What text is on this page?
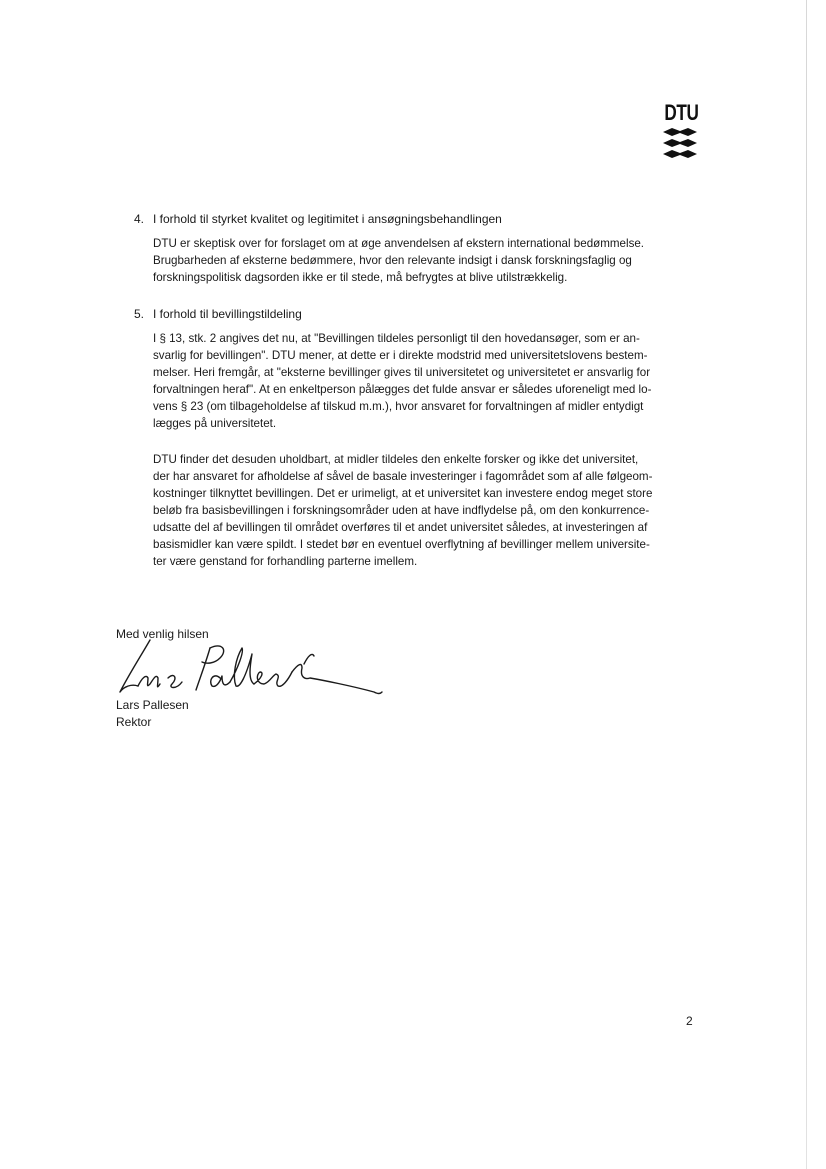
DTU
4. I forhold til styrket kvalitet og legitimitet i ansøgningsbehandlingen
DTU er skeptisk over for forslaget om at øge anvendelsen af ekstern international bedømmelse.
Brugbarheden af eksterne bedømmere, hvor den relevante indsigt i dansk forskningsfaglig og
forskningspolitisk dagsorden ikke er til stede, må befrygtes at blive utilstrækkelig.
5. I forhold til bevillingstildeling
I § 13, stk. 2 angives det nu, at "Bevillingen tildeles personligt til den hovedansøger, som er an-
svarlig for bevillingen". DTU mener, at dette er i direkte modstrid med universitetslovens bestem-
melser. Heri fremgår, at "eksterne bevillinger gives til universitetet og universitetet er ansvarlig for
forvaltningen heraf". At en enkeltperson pålægges det fulde ansvar er således uforeneligt med lo-
vens § 23 (om tilbageholdelse af tilskud m.m.), hvor ansvaret for forvaltningen af midler entydigt
lægges på universitetet.
DTU finder det desuden uholdbart, at midler tildeles den enkelte forsker og ikke det universitet,
der har ansvaret for afholdelse af såvel de basale investeringer i fagområdet som af alle følgeom-
kostninger tilknyttet bevillingen. Det er urimeligt, at et universitet kan investere endog meget store
beløb fra basisbevillingen i forskningsområder uden at have indflydelse på, om den konkurrence-
udsatte del af bevillingen til området overføres til et andet universitet således, at investeringen af
basismidler kan være spildt. I stedet bør en eventuel overflytning af bevillinger mellem universite-
ter være genstand for forhandling parterne imellem.
Med venlig hilsen
Lars Pallesen
Rektor
2
